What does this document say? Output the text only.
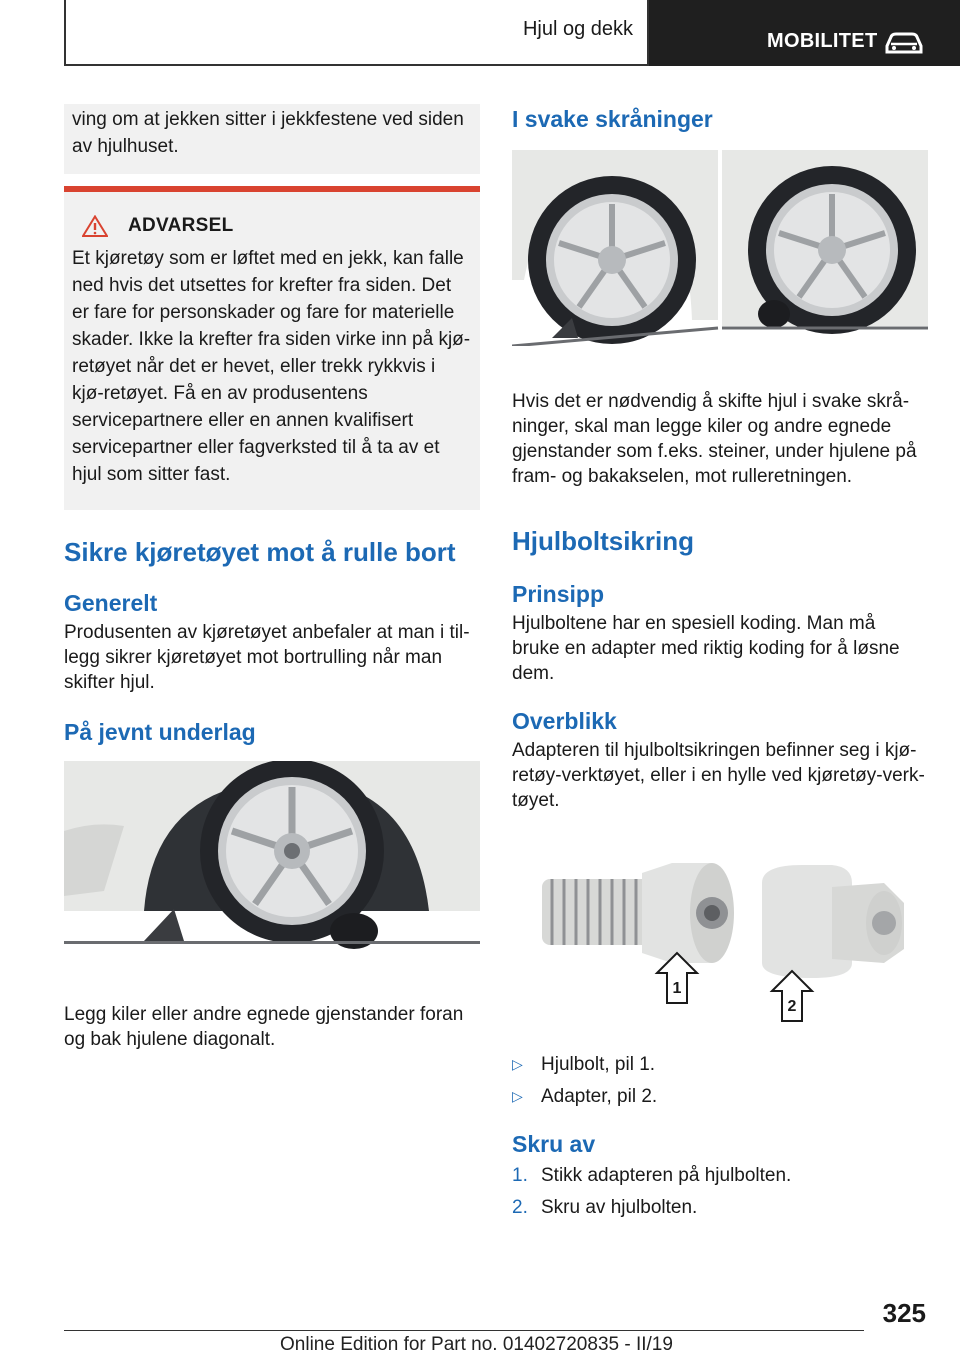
Hjul og dekk
MOBILITET
ving om at jekken sitter i jekkfestene ved siden av hjulhuset.
ADVARSEL
Et kjøretøy som er løftet med en jekk, kan falle ned hvis det utsettes for krefter fra siden. Det er fare for personskader og fare for materielle skader. Ikke la krefter fra siden virke inn på kjø-retøyet når det er hevet, eller trekk rykkvis i kjø-retøyet. Få en av produsentens servicepartnere eller en annen kvalifisert servicepartner eller fagverksted til å ta av et hjul som sitter fast.
Sikre kjøretøyet mot å rulle bort
Generelt
Produsenten av kjøretøyet anbefaler at man i til-legg sikrer kjøretøyet mot bortrulling når man skifter hjul.
På jevnt underlag
Legg kiler eller andre egnede gjenstander foran og bak hjulene diagonalt.
I svake skråninger
Hvis det er nødvendig å skifte hjul i svake skrå-ninger, skal man legge kiler og andre egnede gjenstander som f.eks. steiner, under hjulene på fram- og bakakselen, mot rulleretningen.
Hjulboltsikring
Prinsipp
Hjulboltene har en spesiell koding. Man må bruke en adapter med riktig koding for å løsne dem.
Overblikk
Adapteren til hjulboltsikringen befinner seg i kjø-retøy-verktøyet, eller i en hylle ved kjøretøy-verk-tøyet.
1
2
▷ Hjulbolt, pil 1.
▷ Adapter, pil 2.
Skru av
1. Stikk adapteren på hjulbolten.
2. Skru av hjulbolten.
325
Online Edition for Part no. 01402720835 - II/19
